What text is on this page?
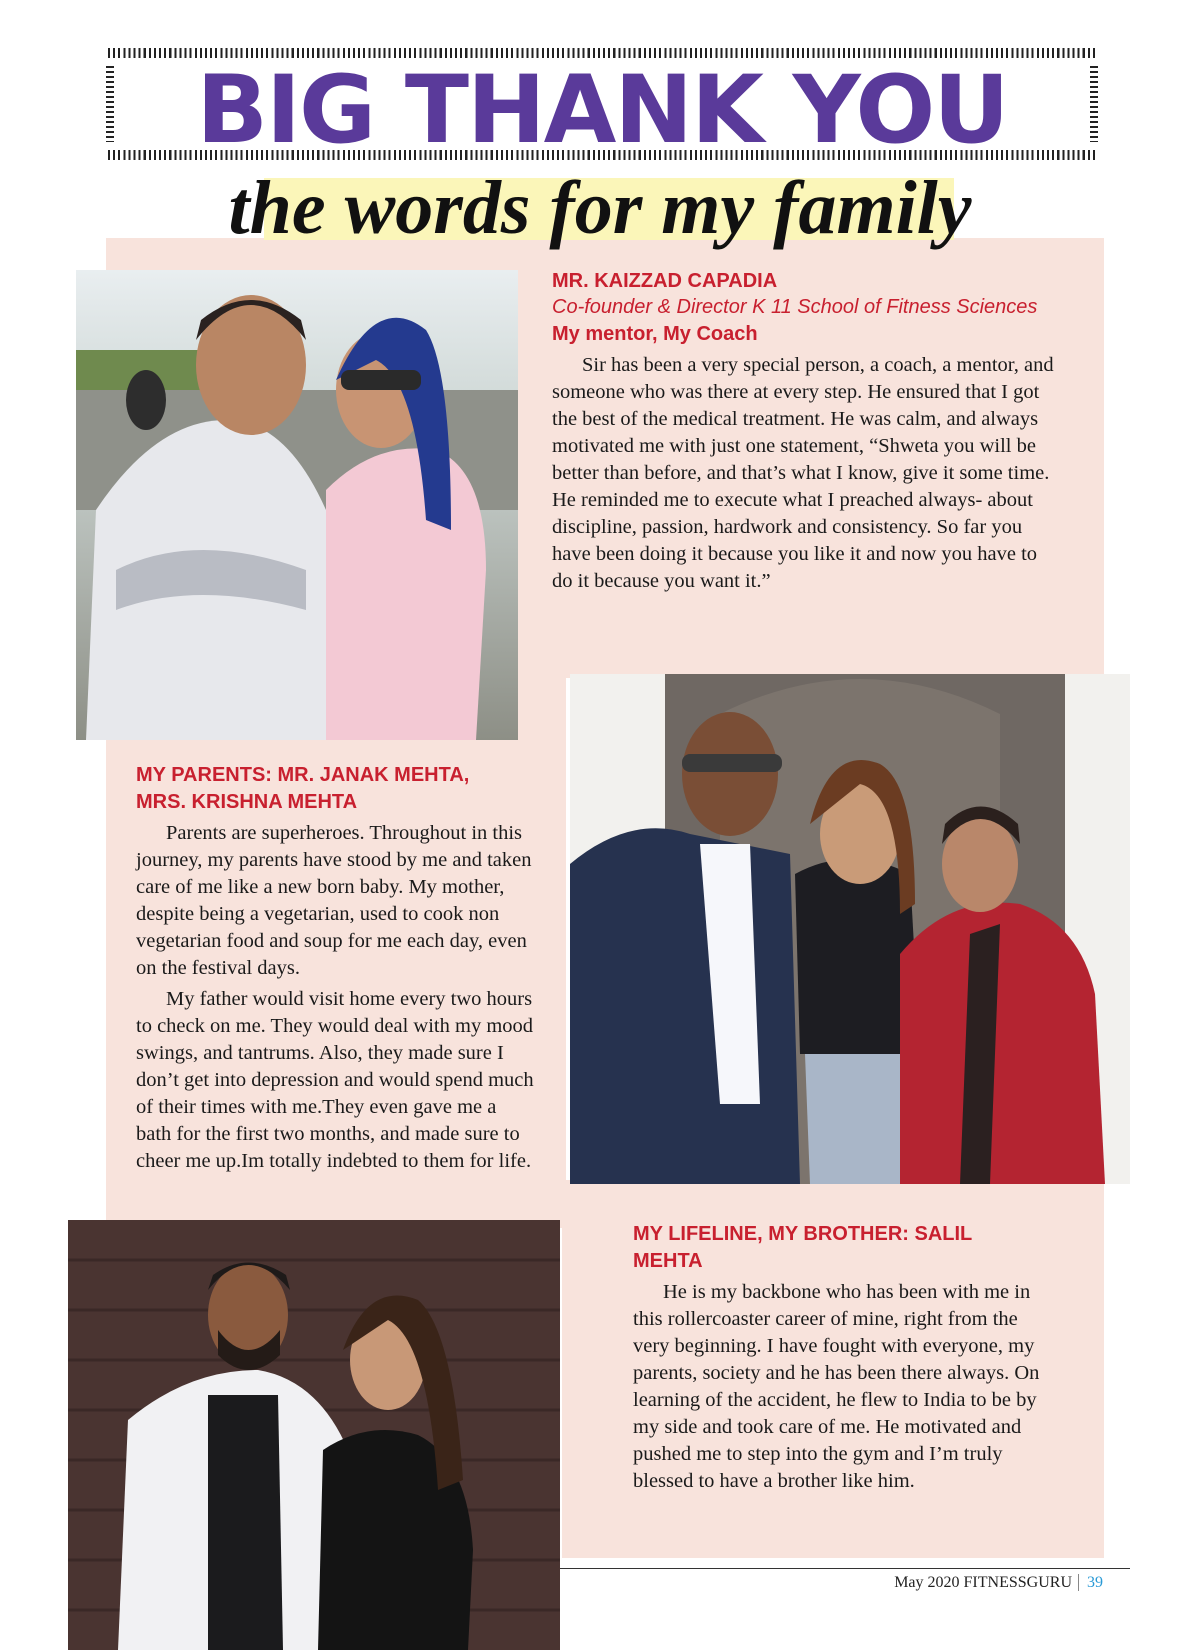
BIG THANK YOU
the words for my family
MR. KAIZZAD CAPADIA
Co-founder & Director K 11 School of Fitness Sciences
My mentor, My Coach

Sir has been a very special person, a coach, a mentor, and someone who was there at every step. He ensured that I got the best of the medical treatment. He was calm, and always motivated me with just one statement, “Shweta you will be better than before, and that’s what I know, give it some time. He reminded me to execute what I preached always- about discipline, passion, hardwork and consistency. So far you have been doing it because you like it and now you have to do it because you want it.”

MY PARENTS: MR. JANAK MEHTA,
MRS. KRISHNA MEHTA

Parents are superheroes. Throughout in this journey, my parents have stood by me and taken care of me like a new born baby. My mother, despite being a vegetarian, used to cook non vegetarian food and soup for me each day, even on the festival days.

My father would visit home every two hours to check on me. They would deal with my mood swings, and tantrums. Also, they made sure I don’t get into depression and would spend much of their times with me.They even gave me a bath for the first two months, and made sure to cheer me up.Im totally indebted to them for life.

MY LIFELINE, MY BROTHER: SALIL
MEHTA

He is my backbone who has been with me in this rollercoaster career of mine, right from the very beginning. I have fought with everyone, my parents, society and he has been there always. On learning of the accident, he flew to India to be by my side and took care of me. He motivated and pushed me to step into the gym and I’m truly blessed to have a brother like him.

May 2020 FITNESSGURU 39
